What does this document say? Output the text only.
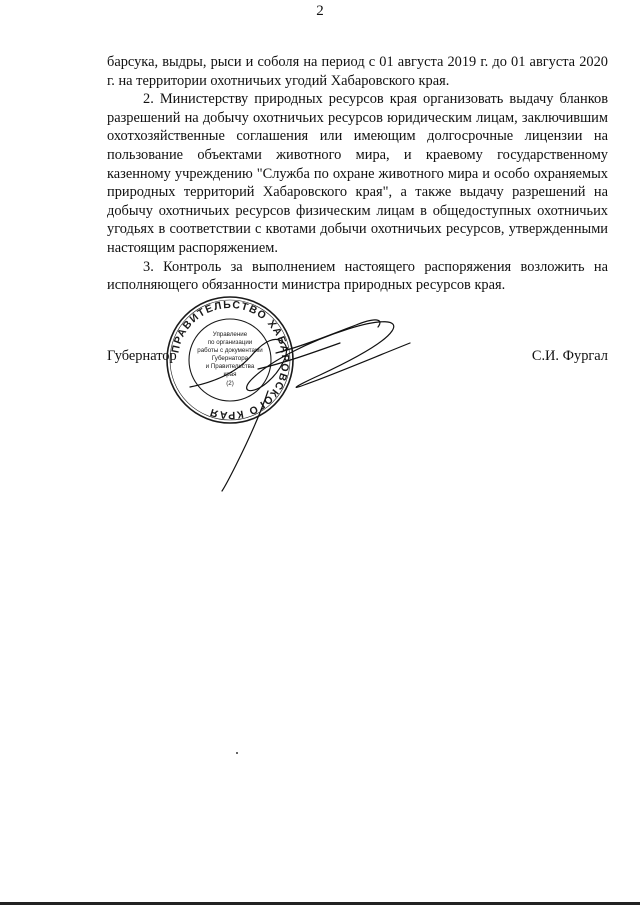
2

барсука, выдры, рыси и соболя на период с 01 августа 2019 г. до 01 августа 2020 г. на территории охотничьих угодий Хабаровского края.

2. Министерству природных ресурсов края организовать выдачу бланков разрешений на добычу охотничьих ресурсов юридическим лицам, заключившим охотхозяйственные соглашения или имеющим долгосрочные лицензии на пользование объектами животного мира, и краевому государственному казенному учреждению "Служба по охране животного мира и особо охраняемых природных территорий Хабаровского края", а также выдачу разрешений на добычу охотничьих ресурсов физическим лицам в общедоступных охотничьих угодьях в соответствии с квотами добычи охотничьих ресурсов, утвержденными настоящим распоряжением.

3. Контроль за выполнением настоящего распоряжения возложить на исполняющего обязанности министра природных ресурсов края.

Губернатор	С.И. Фургал
ПРАВИТЕЛЬСТВО ХАБАРОВСКОГО КРАЯ
Управление
по организации
работы с документами
Губернатора
и Правительства
края
(2)
